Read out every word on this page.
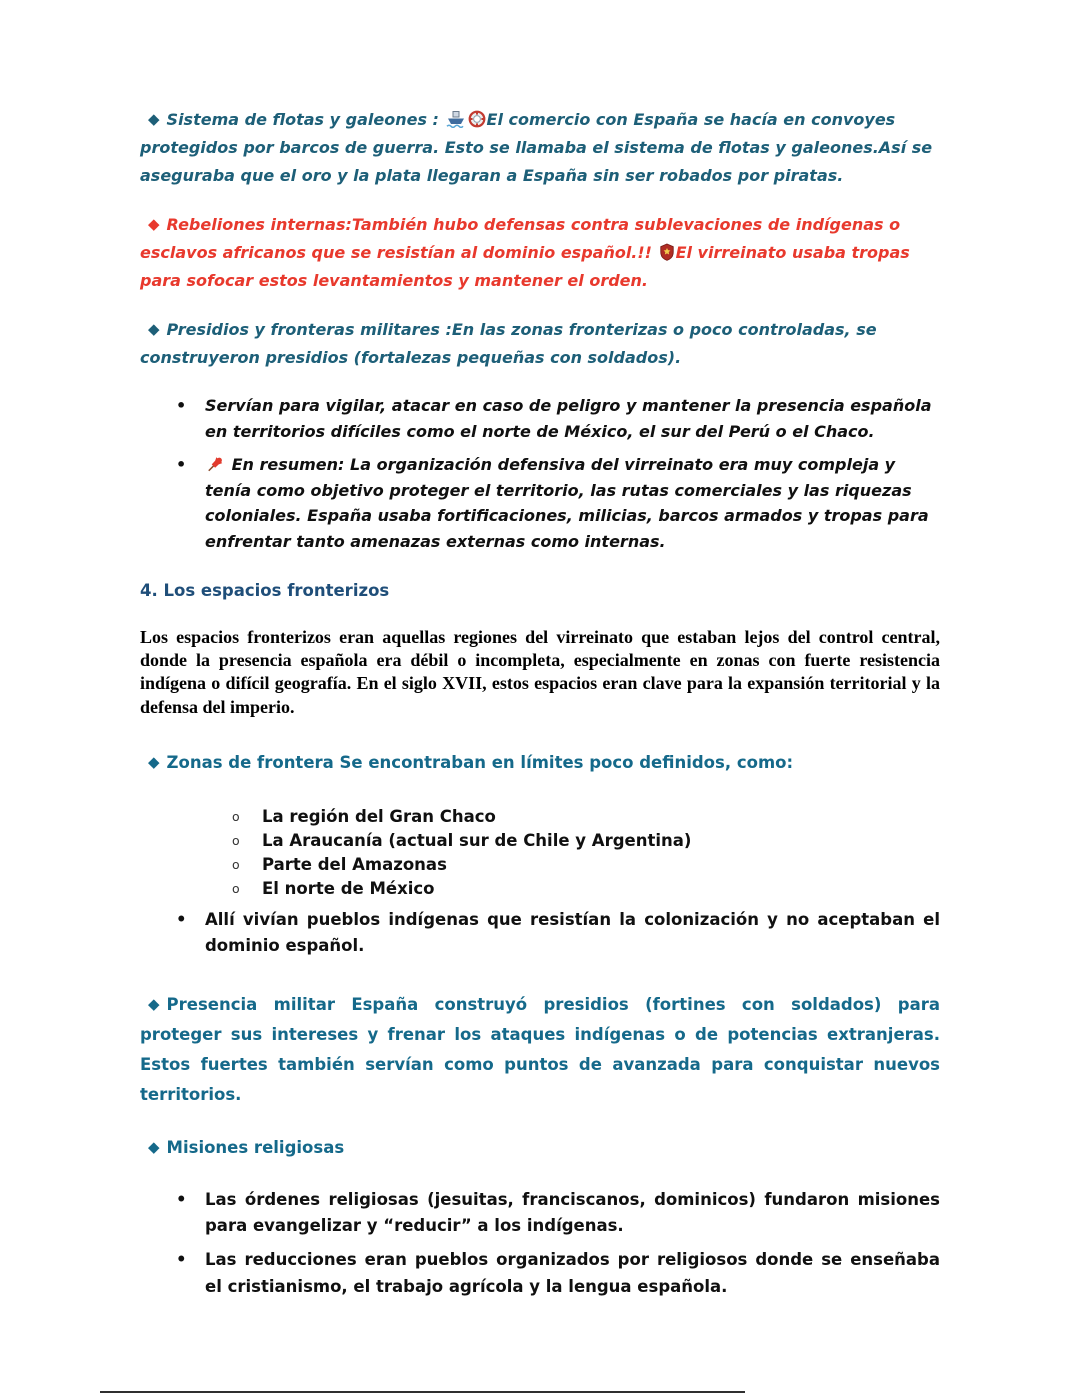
◆ Sistema de flotas y galeones :	El comercio con España se hacía en convoyes protegidos por barcos de guerra. Esto se llamaba el sistema de flotas y galeones.Así se aseguraba que el oro y la plata llegaran a España sin ser robados por piratas.

◆ Rebeliones internas:También hubo defensas contra sublevaciones de indígenas o esclavos africanos que se resistían al dominio español.!! El virreinato usaba tropas para sofocar estos levantamientos y mantener el orden.

◆ Presidios y fronteras militares :En las zonas fronterizas o poco controladas, se construyeron presidios (fortalezas pequeñas con soldados).

•	Servían para vigilar, atacar en caso de peligro y mantener la presencia española en territorios difíciles como el norte de México, el sur del Perú o el Chaco.
•	En resumen: La organización defensiva del virreinato era muy compleja y tenía como objetivo proteger el territorio, las rutas comerciales y las riquezas coloniales. España usaba fortificaciones, milicias, barcos armados y tropas para enfrentar tanto amenazas externas como internas.
4. Los espacios fronterizos

Los espacios fronterizos eran aquellas regiones del virreinato que estaban lejos del control central, donde la presencia española era débil o incompleta, especialmente en zonas con fuerte resistencia indígena o difícil geografía. En el siglo XVII, estos espacios eran clave para la expansión territorial y la defensa del imperio.

◆ Zonas de frontera Se encontraban en límites poco definidos, como:

o	La región del Gran Chaco
o	La Araucanía (actual sur de Chile y Argentina)
o	Parte del Amazonas
o	El norte de México
•	Allí vivían pueblos indígenas que resistían la colonización y no aceptaban el dominio español.

◆ Presencia militar España construyó presidios (fortines con soldados) para proteger sus intereses y frenar los ataques indígenas o de potencias extranjeras. Estos fuertes también servían como puntos de avanzada para conquistar nuevos territorios.

◆ Misiones religiosas

•	Las órdenes religiosas (jesuitas, franciscanos, dominicos) fundaron misiones para evangelizar y “reducir” a los indígenas.
•	Las reducciones eran pueblos organizados por religiosos donde se enseñaba el cristianismo, el trabajo agrícola y la lengua española.
